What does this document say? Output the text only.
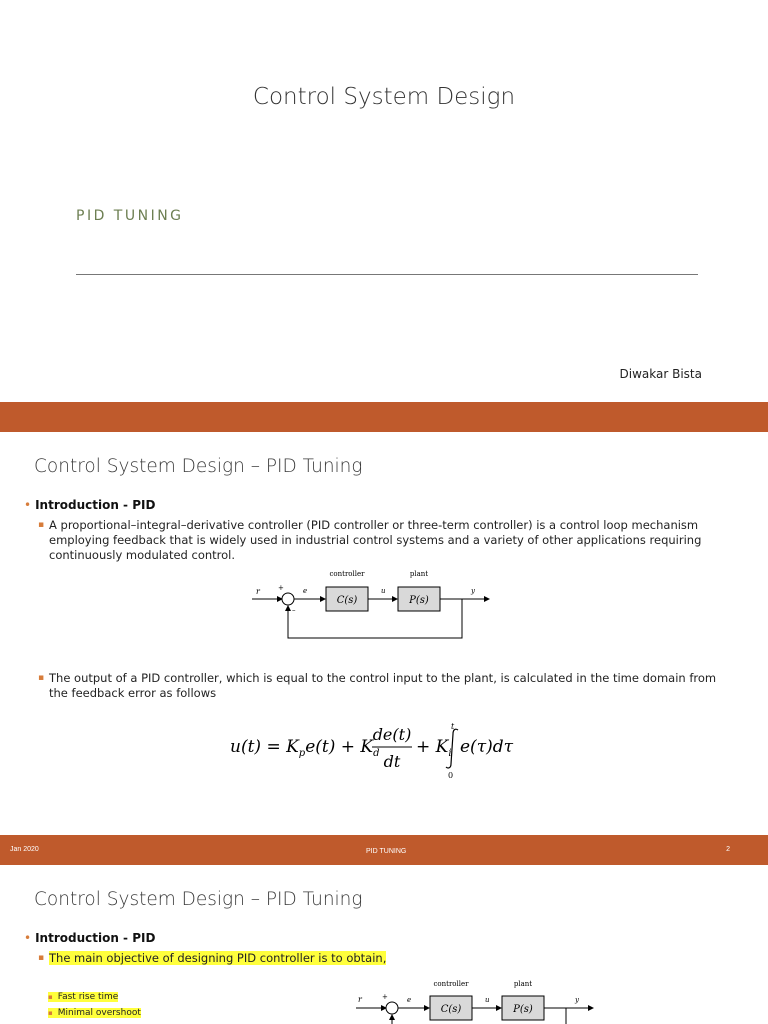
Control System Design
PID TUNING
Diwakar Bista
Control System Design – PID Tuning
• Introduction - PID
▪ A proportional–integral–derivative controller (PID controller or three-term controller) is a control loop mechanism employing feedback that is widely used in industrial control systems and a variety of other applications requiring continuously modulated control.
controller	plant
r	+
–
e
C(s)
u
P(s)
y
▪ The output of a PID controller, which is equal to the control input to the plant, is calculated in the time domain from the feedback error as follows
$u(t) = K_pe(t) + K_d$
de(t)
dt
+ $K_i$
t
0
e(τ)dτ
Jan 2020	PID TUNING	2
Control System Design – PID Tuning
• Introduction - PID
▪ The main objective of designing PID controller is to obtain,
▪ Fast rise time
▪ Minimal overshoot
controller	plant
r	+	e
C(s)
u
P(s)
y
